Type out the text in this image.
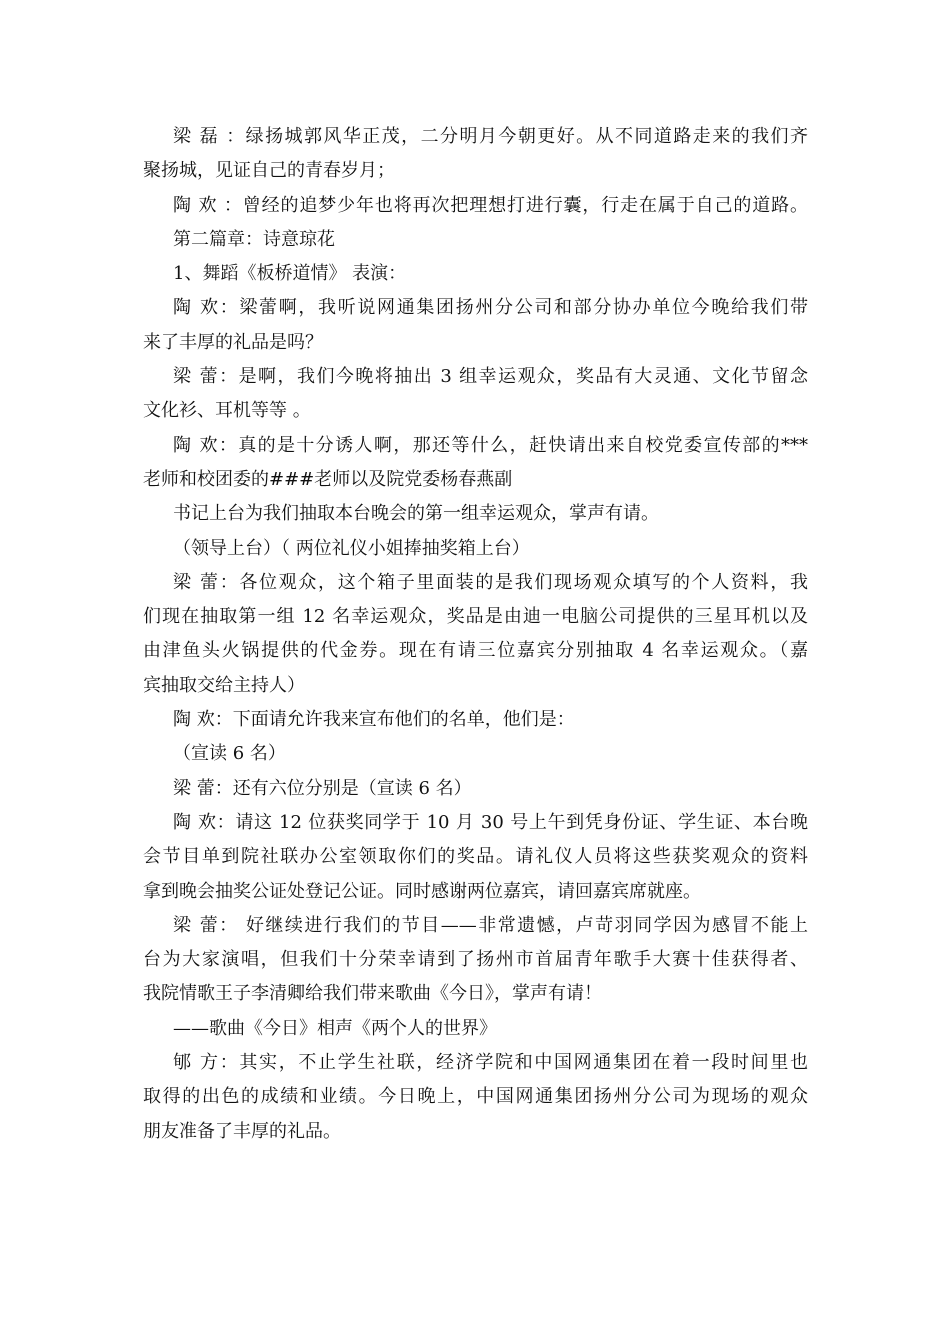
梁 磊 ：绿扬城郭风华正茂，二分明月今朝更好。从不同道路走来的我们齐
聚扬城，见证自己的青春岁月；
陶 欢 ：曾经的追梦少年也将再次把理想打进行囊，行走在属于自己的道路。
第二篇章：诗意琼花
1、舞蹈《板桥道情》 表演：
陶 欢：梁蕾啊，我听说网通集团扬州分公司和部分协办单位今晚给我们带
来了丰厚的礼品是吗？
梁 蕾：是啊，我们今晚将抽出 3 组幸运观众，奖品有大灵通、文化节留念
文化衫、耳机等等 。
陶 欢：真的是十分诱人啊，那还等什么，赶快请出来自校党委宣传部的***
老师和校团委的###老师以及院党委杨春燕副
书记上台为我们抽取本台晚会的第一组幸运观众，掌声有请。
（领导上台）（ 两位礼仪小姐捧抽奖箱上台）
梁 蕾：各位观众，这个箱子里面装的是我们现场观众填写的个人资料，我
们现在抽取第一组 12 名幸运观众，奖品是由迪一电脑公司提供的三星耳机以及
由津鱼头火锅提供的代金券。现在有请三位嘉宾分别抽取 4 名幸运观众。（嘉
宾抽取交给主持人）
陶 欢：下面请允许我来宣布他们的名单，他们是：
（宣读 6 名）
梁 蕾：还有六位分别是（宣读 6 名）
陶 欢：请这 12 位获奖同学于 10 月 30 号上午到凭身份证、学生证、本台晚
会节目单到院社联办公室领取你们的奖品。请礼仪人员将这些获奖观众的资料
拿到晚会抽奖公证处登记公证。同时感谢两位嘉宾，请回嘉宾席就座。
梁 蕾： 好继续进行我们的节目——非常遗憾，卢苛羽同学因为感冒不能上
台为大家演唱，但我们十分荣幸请到了扬州市首届青年歌手大赛十佳获得者、
我院情歌王子李清卿给我们带来歌曲《今日》，掌声有请！
——歌曲《今日》相声《两个人的世界》
郇 方：其实，不止学生社联，经济学院和中国网通集团在着一段时间里也
取得的出色的成绩和业绩。今日晚上，中国网通集团扬州分公司为现场的观众
朋友准备了丰厚的礼品。
